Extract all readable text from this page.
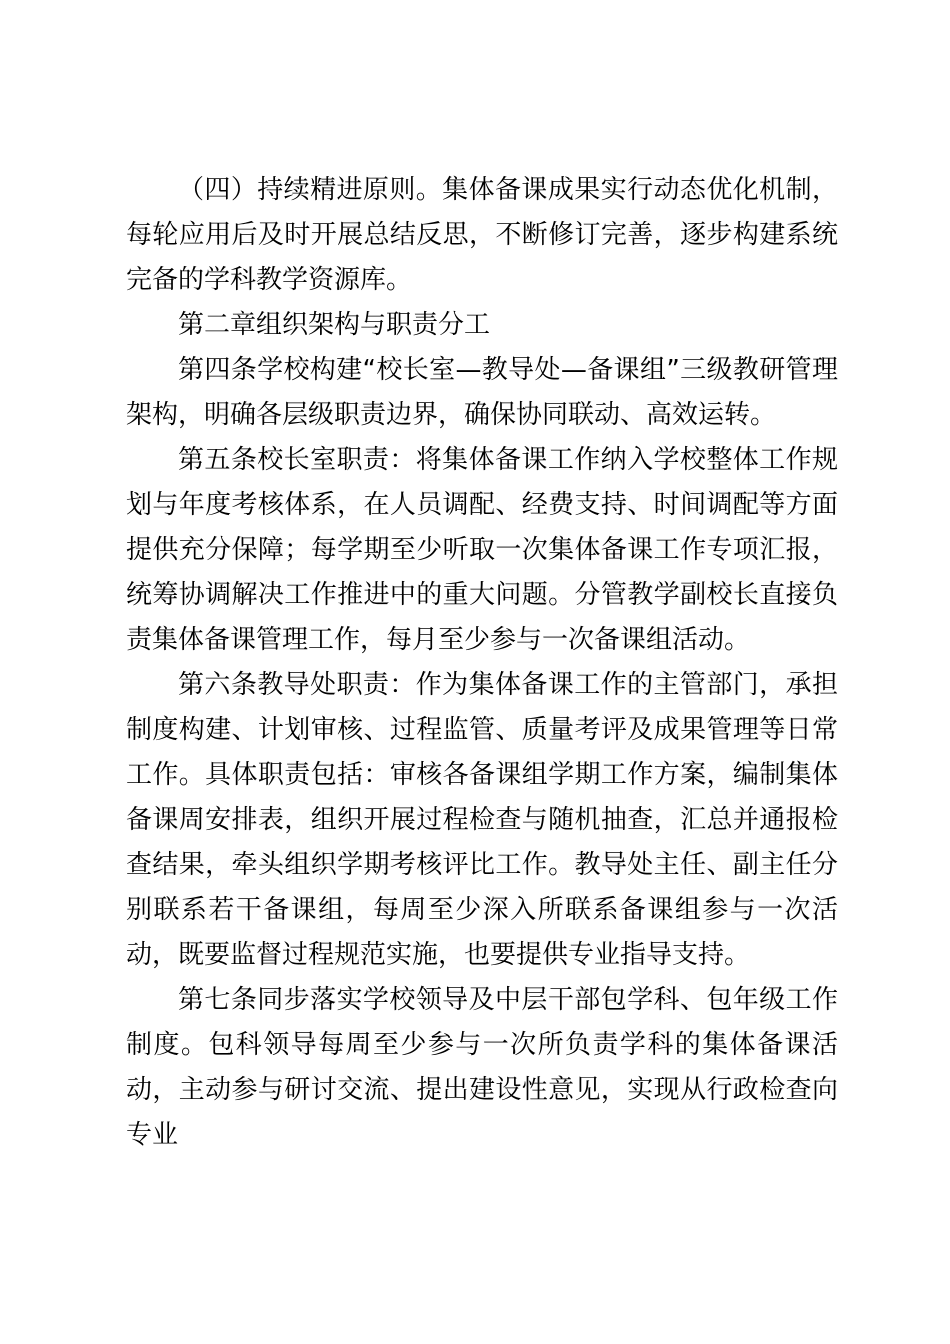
（四）持续精进原则。集体备课成果实行动态优化机制，每轮应用后及时开展总结反思，不断修订完善，逐步构建系统完备的学科教学资源库。

第二章组织架构与职责分工

第四条学校构建“校长室—教导处—备课组”三级教研管理架构，明确各层级职责边界，确保协同联动、高效运转。

第五条校长室职责：将集体备课工作纳入学校整体工作规划与年度考核体系，在人员调配、经费支持、时间调配等方面提供充分保障；每学期至少听取一次集体备课工作专项汇报，统筹协调解决工作推进中的重大问题。分管教学副校长直接负责集体备课管理工作，每月至少参与一次备课组活动。

第六条教导处职责：作为集体备课工作的主管部门，承担制度构建、计划审核、过程监管、质量考评及成果管理等日常工作。具体职责包括：审核各备课组学期工作方案，编制集体备课周安排表，组织开展过程检查与随机抽查，汇总并通报检查结果，牵头组织学期考核评比工作。教导处主任、副主任分别联系若干备课组，每周至少深入所联系备课组参与一次活动，既要监督过程规范实施，也要提供专业指导支持。

第七条同步落实学校领导及中层干部包学科、包年级工作制度。包科领导每周至少参与一次所负责学科的集体备课活动，主动参与研讨交流、提出建设性意见，实现从行政检查向专业
